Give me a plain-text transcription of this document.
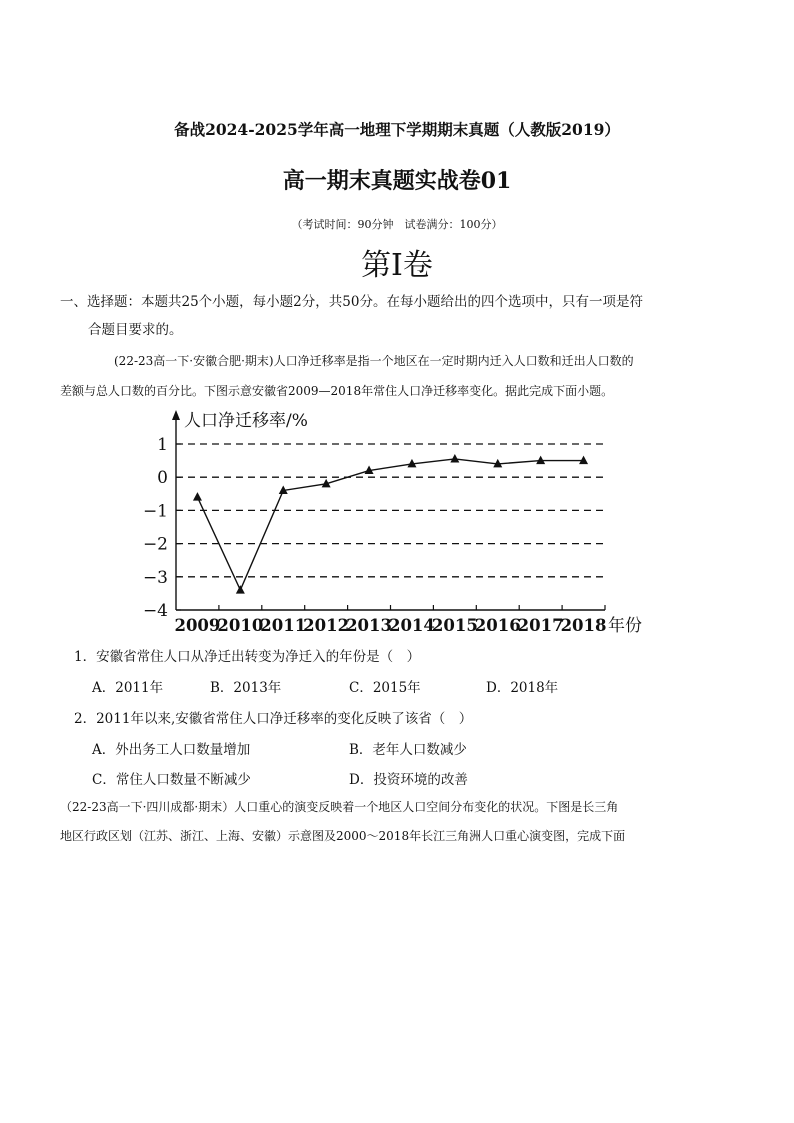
备战2024-2025学年高一地理下学期期末真题（人教版2019）
高一期末真题实战卷01
（考试时间：90分钟　试卷满分：100分）
第Ⅰ卷
一、选择题：本题共25个小题，每小题2分，共50分。在每小题给出的四个选项中，只有一项是符
合题目要求的。
(22-23高一下·安徽合肥·期末)人口净迁移率是指一个地区在一定时期内迁入人口数和迁出人口数的
差额与总人口数的百分比。下图示意安徽省2009—2018年常住人口净迁移率变化。据此完成下面小题。
人口净迁移率/%
1
0
−1
−2
−3
−4
2009
2010
2011
2012
2013
2014
2015
2016
2017
2018 年份
1．安徽省常住人口从净迁出转变为净迁入的年份是（　）
A．2011年	B．2013年	C．2015年	D．2018年
2．2011年以来,安徽省常住人口净迁移率的变化反映了该省（　）
A．外出务工人口数量增加	B．老年人口数减少
C．常住人口数量不断减少	D．投资环境的改善
（22-23高一下·四川成都·期末）人口重心的演变反映着一个地区人口空间分布变化的状况。下图是长三角
地区行政区划（江苏、浙江、上海、安徽）示意图及2000～2018年长江三角洲人口重心演变图，完成下面
